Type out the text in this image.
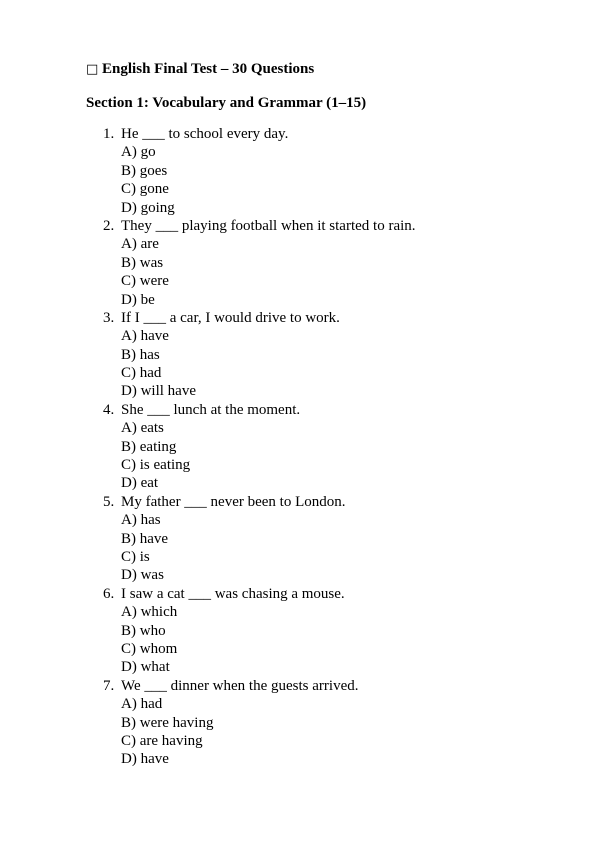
□ English Final Test – 30 Questions
Section 1: Vocabulary and Grammar (1–15)
1. He ___ to school every day.
A) go
B) goes
C) gone
D) going
2. They ___ playing football when it started to rain.
A) are
B) was
C) were
D) be
3. If I ___ a car, I would drive to work.
A) have
B) has
C) had
D) will have
4. She ___ lunch at the moment.
A) eats
B) eating
C) is eating
D) eat
5. My father ___ never been to London.
A) has
B) have
C) is
D) was
6. I saw a cat ___ was chasing a mouse.
A) which
B) who
C) whom
D) what
7. We ___ dinner when the guests arrived.
A) had
B) were having
C) are having
D) have
